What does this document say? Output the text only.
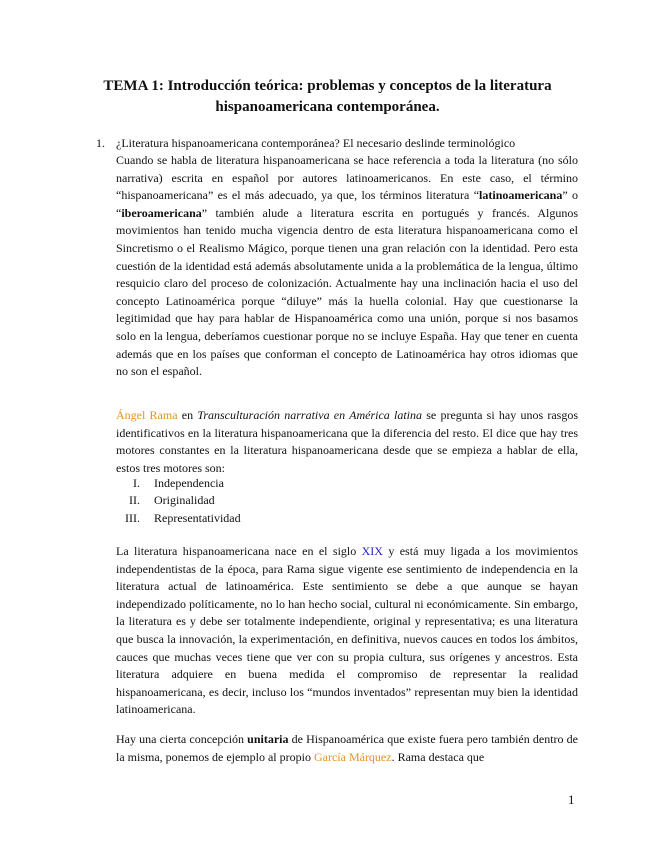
TEMA 1: Introducción teórica: problemas y conceptos de la literatura
hispanoamericana contemporánea.
1. ¿Literatura hispanoamericana contemporánea? El necesario deslinde terminológico
Cuando se habla de literatura hispanoamericana se hace referencia a toda la literatura (no sólo narrativa) escrita en español por autores latinoamericanos. En este caso, el término “hispanoamericana” es el más adecuado, ya que, los términos literatura “latinoamericana” o “iberoamericana” también alude a literatura escrita en portugués y francés. Algunos movimientos han tenido mucha vigencia dentro de esta literatura hispanoamericana como el Sincretismo o el Realismo Mágico, porque tienen una gran relación con la identidad. Pero esta cuestión de la identidad está además absolutamente unida a la problemática de la lengua, último resquicio claro del proceso de colonización. Actualmente hay una inclinación hacia el uso del concepto Latinoamérica porque “diluye” más la huella colonial. Hay que cuestionarse la legitimidad que hay para hablar de Hispanoamérica como una unión, porque si nos basamos solo en la lengua, deberíamos cuestionar porque no se incluye España. Hay que tener en cuenta además que en los países que conforman el concepto de Latinoamérica hay otros idiomas que no son el español.
Ángel Rama en Transculturación narrativa en América latina se pregunta si hay unos rasgos identificativos en la literatura hispanoamericana que la diferencia del resto. El dice que hay tres motores constantes en la literatura hispanoamericana desde que se empieza a hablar de ella, estos tres motores son:
I. Independencia
II. Originalidad
III. Representatividad
La literatura hispanoamericana nace en el siglo XIX y está muy ligada a los movimientos independentistas de la época, para Rama sigue vigente ese sentimiento de independencia en la literatura actual de latinoamérica. Este sentimiento se debe a que aunque se hayan independizado políticamente, no lo han hecho social, cultural ni económicamente. Sin embargo, la literatura es y debe ser totalmente independiente, original y representativa; es una literatura que busca la innovación, la experimentación, en definitiva, nuevos cauces en todos los ámbitos, cauces que muchas veces tiene que ver con su propia cultura, sus orígenes y ancestros. Esta literatura adquiere en buena medida el compromiso de representar la realidad hispanoamericana, es decir, incluso los “mundos inventados” representan muy bien la identidad latinoamericana.
Hay una cierta concepción unitaria de Hispanoamérica que existe fuera pero también dentro de la misma, ponemos de ejemplo al propio García Márquez. Rama destaca que
1
